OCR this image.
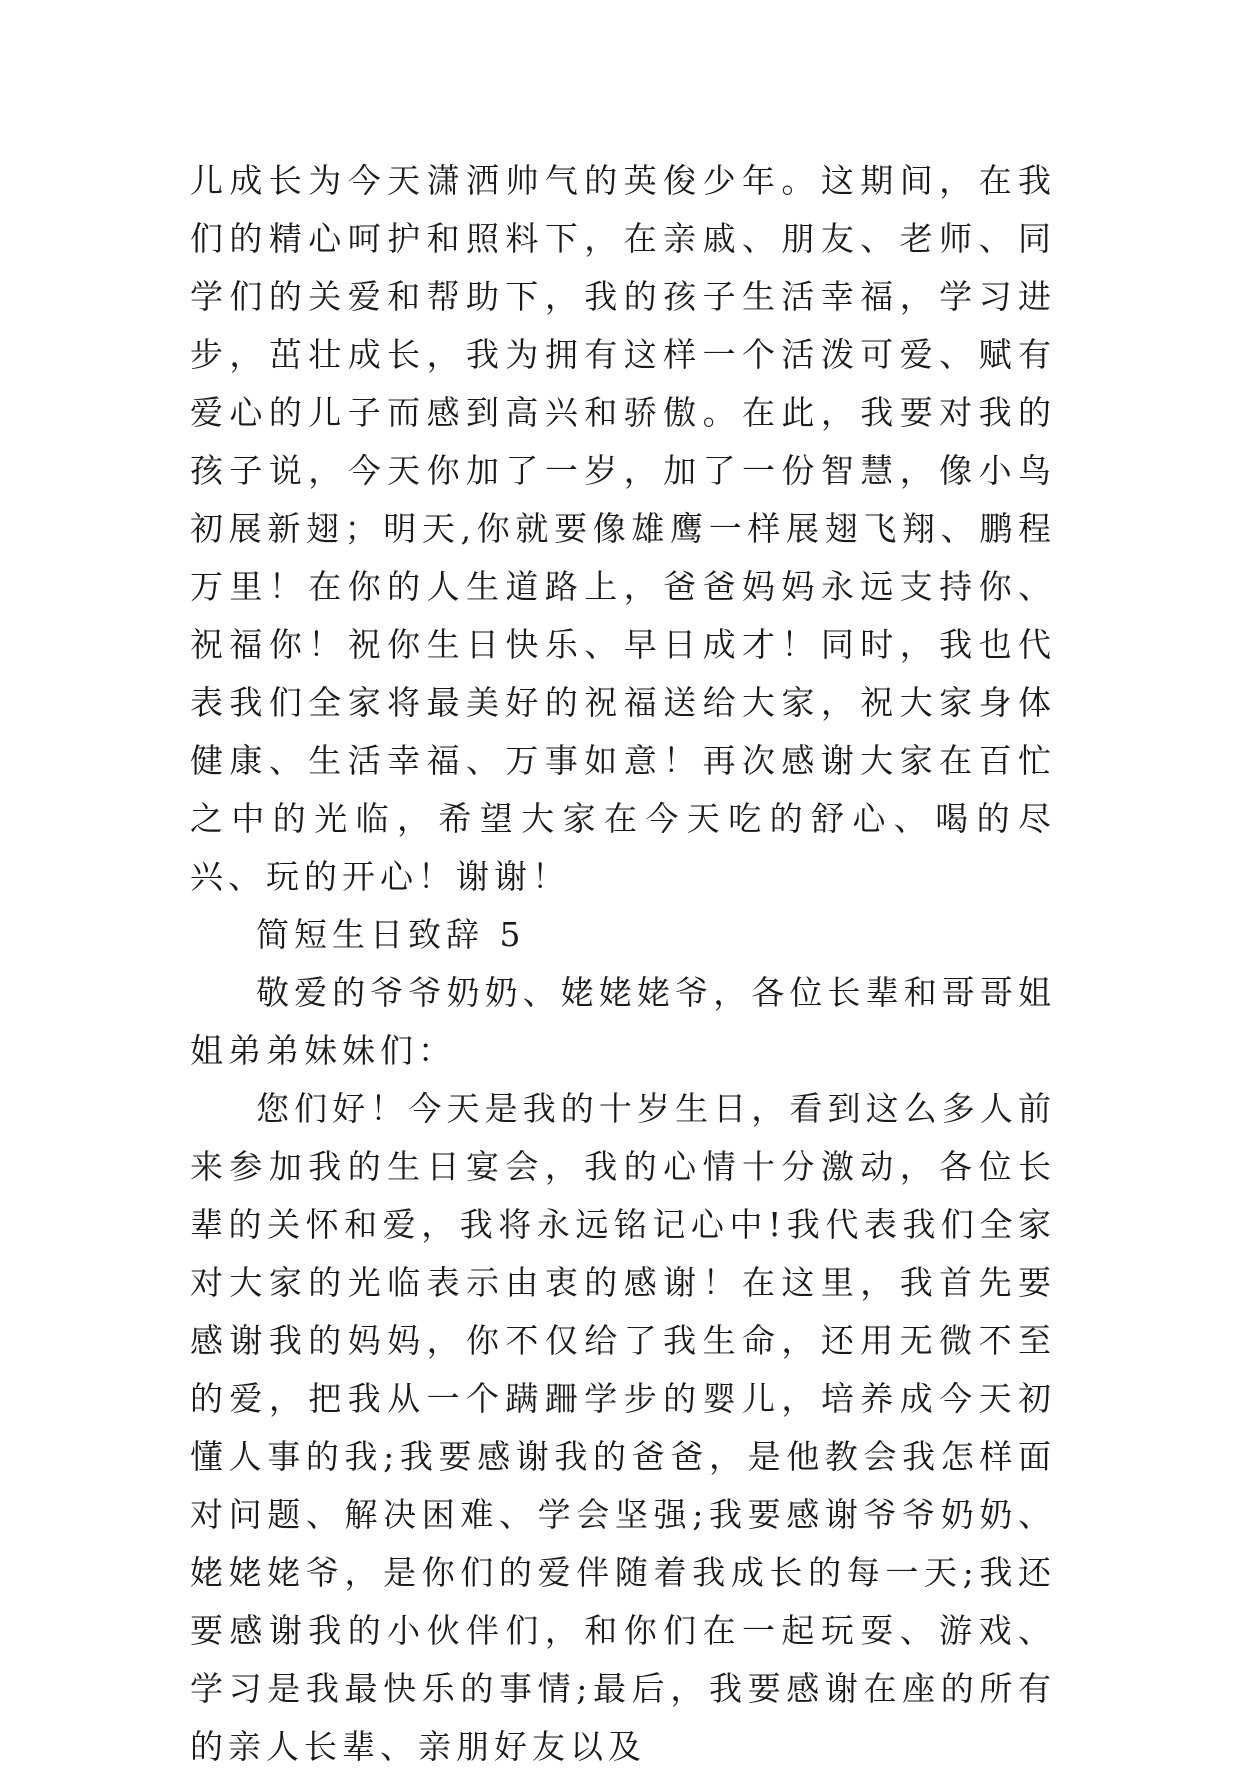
儿成长为今天潇洒帅气的英俊少年。这期间，在我们的精心呵护和照料下，在亲戚、朋友、老师、同学们的关爱和帮助下，我的孩子生活幸福，学习进步，茁壮成长，我为拥有这样一个活泼可爱、赋有爱心的儿子而感到高兴和骄傲。在此，我要对我的孩子说，今天你加了一岁，加了一份智慧，像小鸟初展新翅；明天,你就要像雄鹰一样展翅飞翔、鹏程万里！在你的人生道路上，爸爸妈妈永远支持你、祝福你！祝你生日快乐、早日成才！同时，我也代表我们全家将最美好的祝福送给大家，祝大家身体健康、生活幸福、万事如意！再次感谢大家在百忙之中的光临，希望大家在今天吃的舒心、喝的尽兴、玩的开心！谢谢！

简短生日致辞 5

敬爱的爷爷奶奶、姥姥姥爷，各位长辈和哥哥姐姐弟弟妹妹们：

您们好！今天是我的十岁生日，看到这么多人前来参加我的生日宴会，我的心情十分激动，各位长辈的关怀和爱，我将永远铭记心中!我代表我们全家对大家的光临表示由衷的感谢！在这里，我首先要感谢我的妈妈，你不仅给了我生命，还用无微不至的爱，把我从一个蹒跚学步的婴儿，培养成今天初懂人事的我;我要感谢我的爸爸，是他教会我怎样面对问题、解决困难、学会坚强;我要感谢爷爷奶奶、姥姥姥爷，是你们的爱伴随着我成长的每一天;我还要感谢我的小伙伴们，和你们在一起玩耍、游戏、学习是我最快乐的事情;最后，我要感谢在座的所有的亲人长辈、亲朋好友以及
